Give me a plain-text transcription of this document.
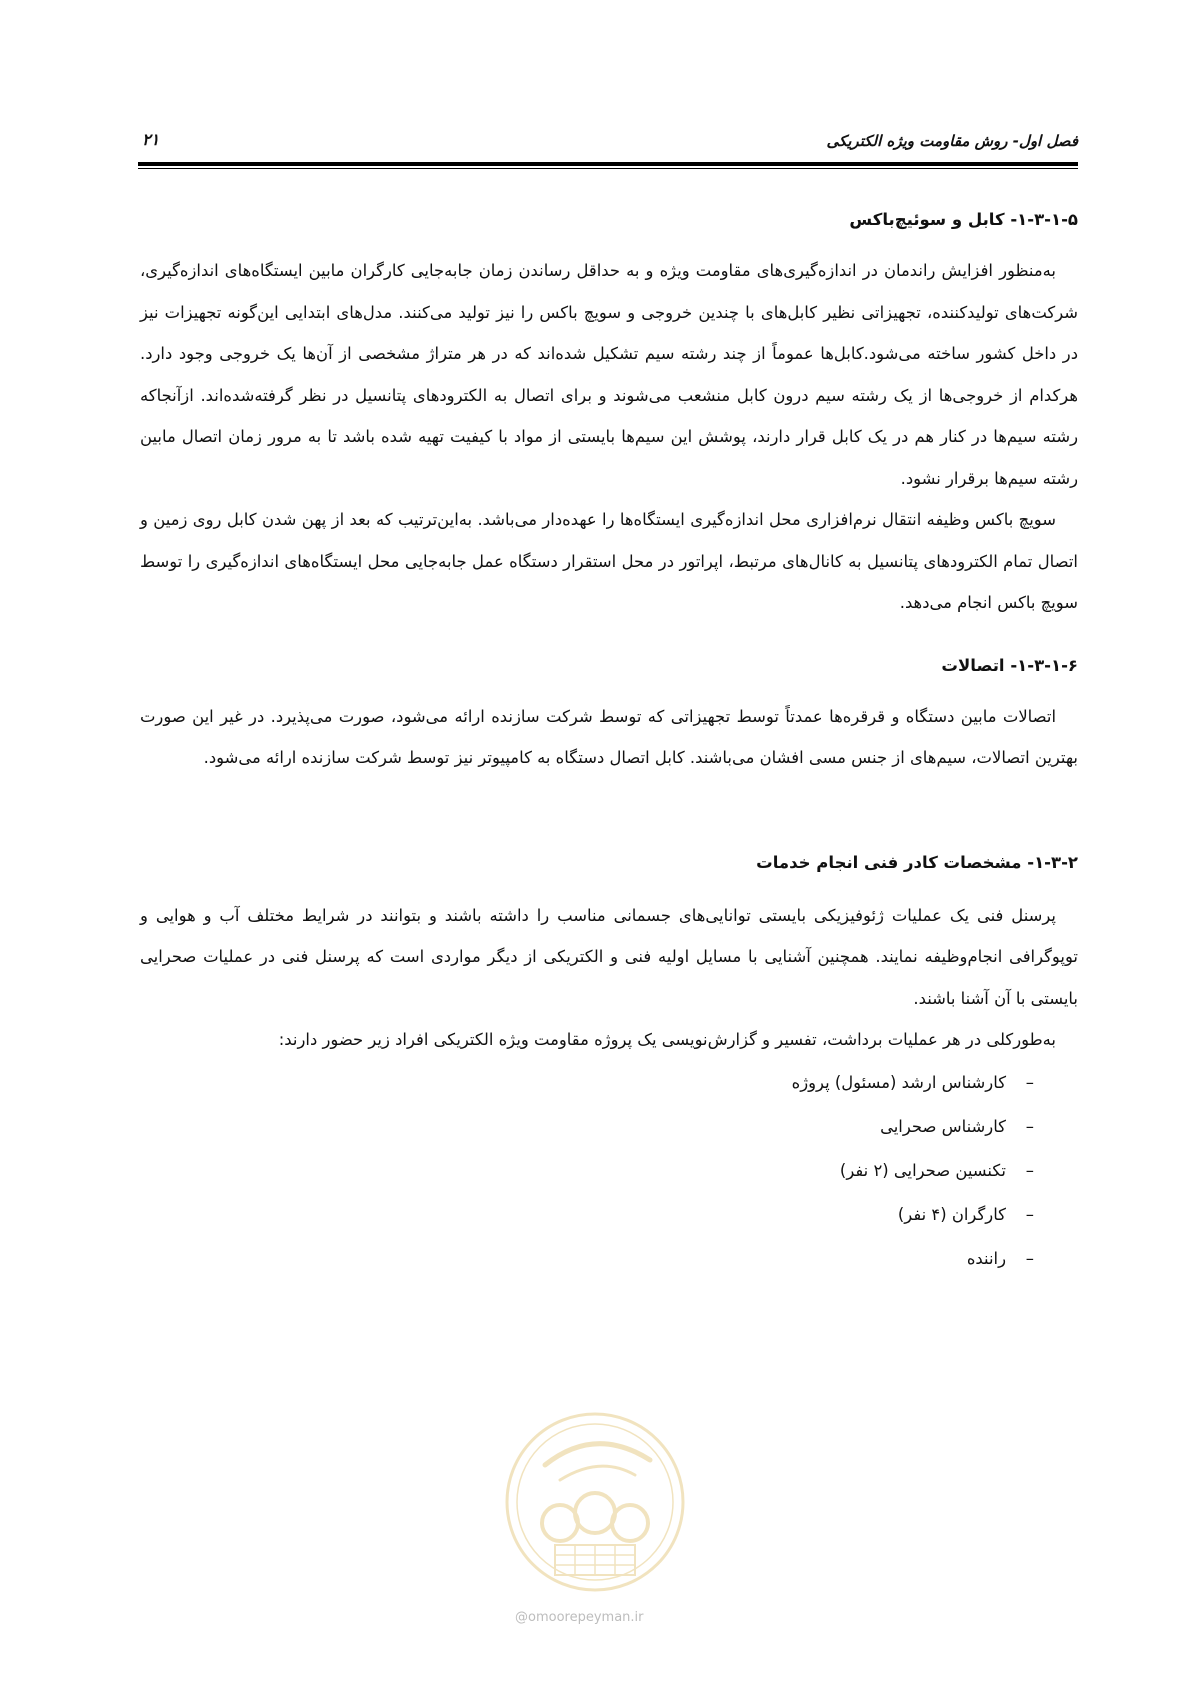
فصل اول- روش مقاومت ویژه الکتریکی
۲۱
۱-۳-۱-۵- کابل و سوئیچ‌باکس

به‌منظور افزایش راندمان در اندازه‌گیری‌های مقاومت ویژه و به حداقل رساندن زمان جابه‌جایی کارگران مابین ایستگاه‌های اندازه‌گیری، شرکت‌های تولیدکننده، تجهیزاتی نظیر کابل‌های با چندین خروجی و سویچ باکس را نیز تولید می‌کنند. مدل‌های ابتدایی این‌گونه تجهیزات نیز در داخل کشور ساخته می‌شود.کابل‌ها عموماً از چند رشته سیم تشکیل شده‌اند که در هر متراژ مشخصی از آن‌ها یک خروجی وجود دارد. هرکدام از خروجی‌ها از یک رشته سیم درون کابل منشعب می‌شوند و برای اتصال به الکترودهای پتانسیل در نظر گرفته‌شده‌اند. ازآنجاکه رشته سیم‌ها در کنار هم در یک کابل قرار دارند، پوشش این سیم‌ها بایستی از مواد با کیفیت تهیه شده باشد تا به مرور زمان اتصال مابین رشته سیم‌ها برقرار نشود.

سویچ باکس وظیفه انتقال نرم‌افزاری محل اندازه‌گیری ایستگاه‌ها را عهده‌دار می‌باشد. به‌این‌ترتیب که بعد از پهن شدن کابل روی زمین و اتصال تمام الکترودهای پتانسیل به کانال‌های مرتبط، اپراتور در محل استقرار دستگاه عمل جابه‌جایی محل ایستگاه‌های اندازه‌گیری را توسط سویچ باکس انجام می‌دهد.

۱-۳-۱-۶- اتصالات

اتصالات مابین دستگاه و قرقره‌ها عمدتاً توسط تجهیزاتی که توسط شرکت سازنده ارائه می‌شود، صورت می‌پذیرد. در غیر این صورت بهترین اتصالات، سیم‌های از جنس مسی افشان می‌باشند. کابل اتصال دستگاه به کامپیوتر نیز توسط شرکت سازنده ارائه می‌شود.

۱-۳-۲- مشخصات کادر فنی انجام خدمات

پرسنل فنی یک عملیات ژئوفیزیکی بایستی توانایی‌های جسمانی مناسب را داشته باشند و بتوانند در شرایط مختلف آب و هوایی و توپوگرافی انجام‌وظیفه نمایند. همچنین آشنایی با مسایل اولیه فنی و الکتریکی از دیگر مواردی است که پرسنل فنی در عملیات صحرایی بایستی با آن آشنا باشند.

به‌طورکلی در هر عملیات برداشت، تفسیر و گزارش‌نویسی یک پروژه مقاومت ویژه الکتریکی افراد زیر حضور دارند:

– کارشناس ارشد (مسئول) پروژه
– کارشناس صحرایی
– تکنسین صحرایی (۲ نفر)
– کارگران (۴ نفر)
– راننده
@omoorepeyman.ir
